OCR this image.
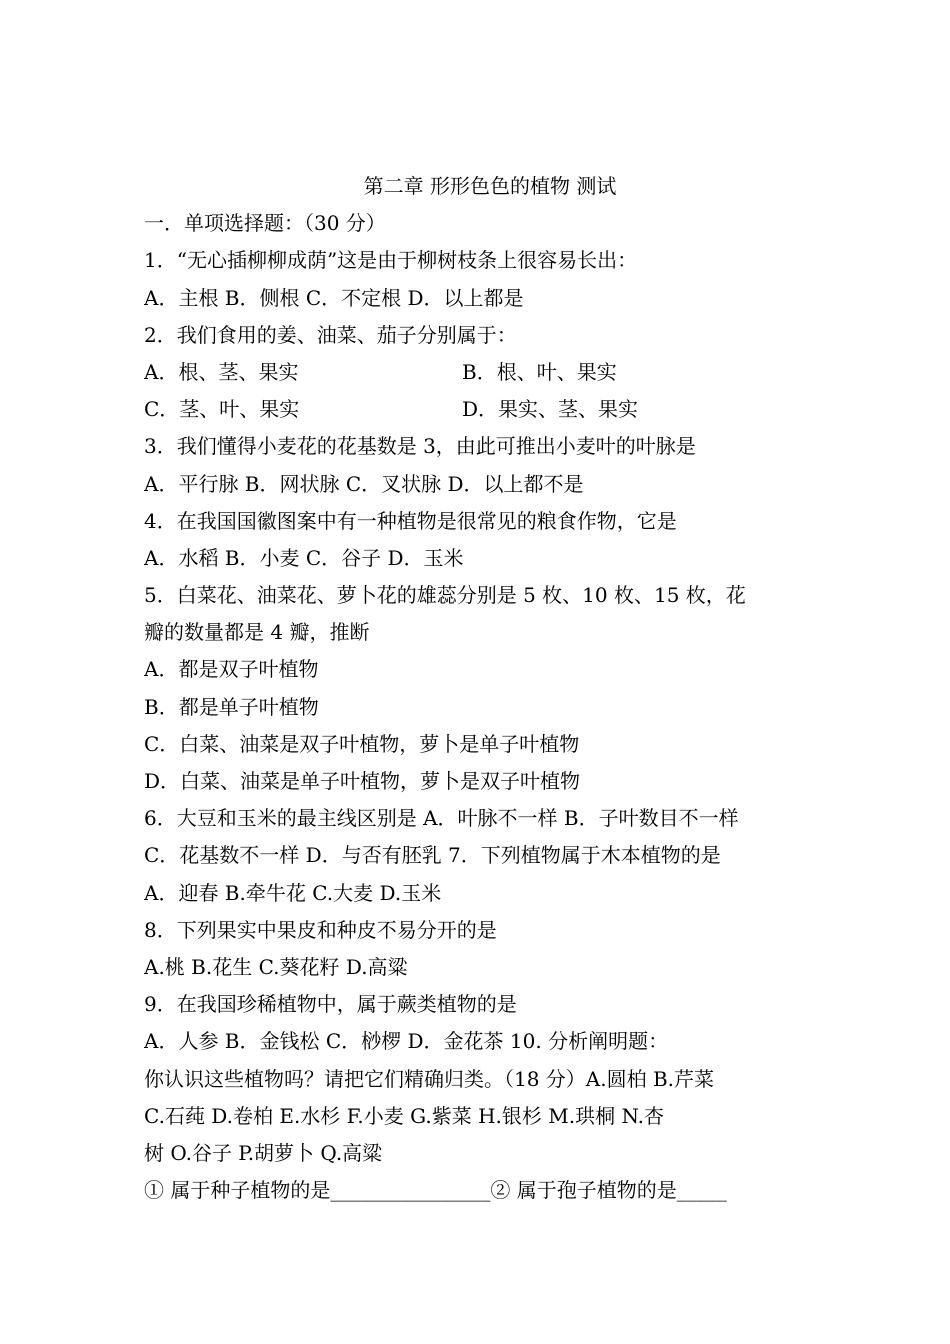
第二章 形形色色的植物 测试
一．单项选择题：（30 分）
1．“无心插柳柳成荫”这是由于柳树枝条上很容易长出：
A．主根 B．侧根 C．不定根 D．以上都是
2．我们食用的姜、油菜、茄子分别属于：
A．根、茎、果实	B．根、叶、果实
C．茎、叶、果实	D．果实、茎、果实
3．我们懂得小麦花的花基数是 3，由此可推出小麦叶的叶脉是
A．平行脉 B．网状脉 C．叉状脉 D．以上都不是
4．在我国国徽图案中有一种植物是很常见的粮食作物，它是
A．水稻 B．小麦 C．谷子 D．玉米
5．白菜花、油菜花、萝卜花的雄蕊分别是 5 枚、10 枚、15 枚，花
瓣的数量都是 4 瓣，推断
A．都是双子叶植物
B．都是单子叶植物
C．白菜、油菜是双子叶植物，萝卜是单子叶植物
D．白菜、油菜是单子叶植物，萝卜是双子叶植物
6．大豆和玉米的最主线区别是 A．叶脉不一样 B．子叶数目不一样
C．花基数不一样 D．与否有胚乳 7．下列植物属于木本植物的是
A．迎春 B.牵牛花 C.大麦 D.玉米
8．下列果实中果皮和种皮不易分开的是
A.桃 B.花生 C.葵花籽 D.高粱
9．在我国珍稀植物中，属于蕨类植物的是
A．人参 B．金钱松 C．桫椤 D．金花茶 10. 分析阐明题：
你认识这些植物吗？请把它们精确归类。（18 分）A.圆柏 B.芹菜
C.石莼 D.卷柏 E.水杉 F.小麦 G.紫菜 H.银杉 M.珙桐 N.杏
树 O.谷子 P.胡萝卜 Q.高粱
① 属于种子植物的是________________② 属于孢子植物的是_____
